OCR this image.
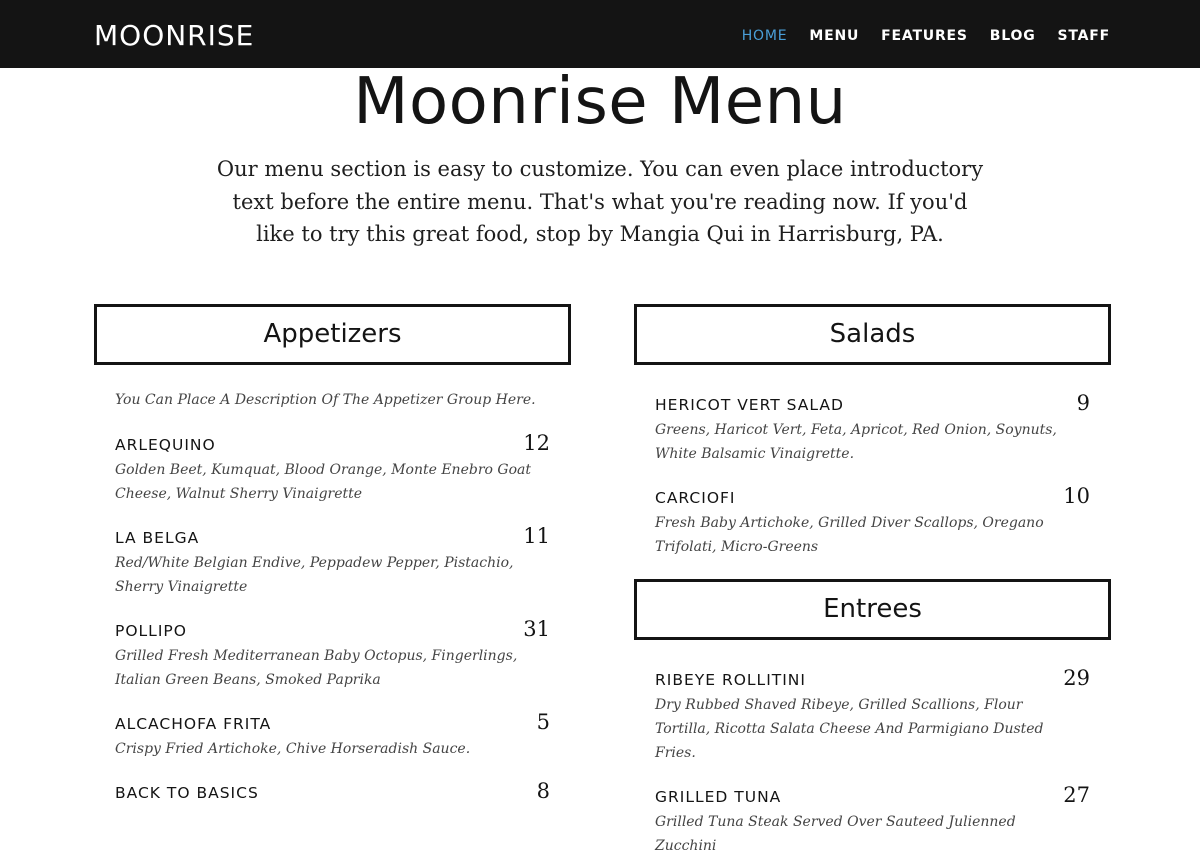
MOONRISE	HOME MENU FEATURES BLOG STAFF
Moonrise Menu

Our menu section is easy to customize. You can even place introductory text before the entire menu. That's what you're reading now. If you'd like to try this great food, stop by Mangia Qui in Harrisburg, PA.

Appetizers
You Can Place A Description Of The Appetizer Group Here.
ARLEQUINO	12
Golden Beet, Kumquat, Blood Orange, Monte Enebro Goat Cheese, Walnut Sherry Vinaigrette
LA BELGA	11
Red/White Belgian Endive, Peppadew Pepper, Pistachio, Sherry Vinaigrette
POLLIPO	31
Grilled Fresh Mediterranean Baby Octopus, Fingerlings, Italian Green Beans, Smoked Paprika
ALCACHOFA FRITA	5
Crispy Fried Artichoke, Chive Horseradish Sauce.
BACK TO BASICS	8
Salads
HERICOT VERT SALAD	9
Greens, Haricot Vert, Feta, Apricot, Red Onion, Soynuts, White Balsamic Vinaigrette.
CARCIOFI	10
Fresh Baby Artichoke, Grilled Diver Scallops, Oregano Trifolati, Micro-Greens
Entrees
RIBEYE ROLLITINI	29
Dry Rubbed Shaved Ribeye, Grilled Scallions, Flour Tortilla, Ricotta Salata Cheese And Parmigiano Dusted Fries.
GRILLED TUNA	27
Grilled Tuna Steak Served Over Sauteed Julienned Zucchini
